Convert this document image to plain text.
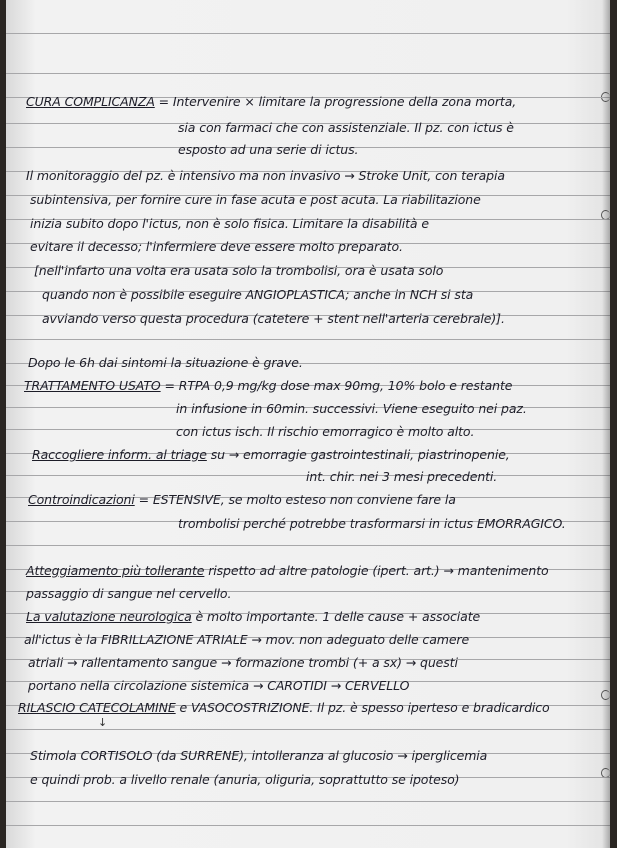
CURA COMPLICANZA = Intervenire × limitare la progressione della zona morta,
sia con farmaci che con assistenziale. Il pz. con ictus è
esposto ad una serie di ictus.
Il monitoraggio del pz. è intensivo ma non invasivo → Stroke Unit, con terapia
subintensiva, per fornire cure in fase acuta e post acuta. La riabilitazione
inizia subito dopo l'ictus, non è solo fisica. Limitare la disabilità e
evitare il decesso; l'infermiere deve essere molto preparato.
[nell'infarto una volta era usata solo la trombolisi, ora è usata solo
quando non è possibile eseguire ANGIOPLASTICA; anche in NCH si sta
avviando verso questa procedura (catetere + stent nell'arteria cerebrale)].
Dopo le 6h dai sintomi la situazione è grave.
TRATTAMENTO USATO = RTPA 0,9 mg/kg dose max 90mg, 10% bolo e restante
in infusione in 60min. successivi. Viene eseguito nei paz.
con ictus isch. Il rischio emorragico è molto alto.
Raccogliere inform. al triage su → emorragie gastrointestinali, piastrinopenie,
int. chir. nei 3 mesi precedenti.
Controindicazioni = ESTENSIVE, se molto esteso non conviene fare la
trombolisi perché potrebbe trasformarsi in ictus EMORRAGICO.
Atteggiamento più tollerante rispetto ad altre patologie (ipert. art.) → mantenimento
passaggio di sangue nel cervello.
La valutazione neurologica è molto importante. 1 delle cause + associate
all'ictus è la FIBRILLAZIONE ATRIALE → mov. non adeguato delle camere
atriali → rallentamento sangue → formazione trombi (+ a sx) → questi
portano nella circolazione sistemica → CAROTIDI → CERVELLO
RILASCIO CATECOLAMINE e VASOCOSTRIZIONE. Il pz. è spesso iperteso e bradicardico
↓
Stimola CORTISOLO (da SURRENE), intolleranza al glucosio → iperglicemia
e quindi prob. a livello renale (anuria, oliguria, soprattutto se ipoteso)
